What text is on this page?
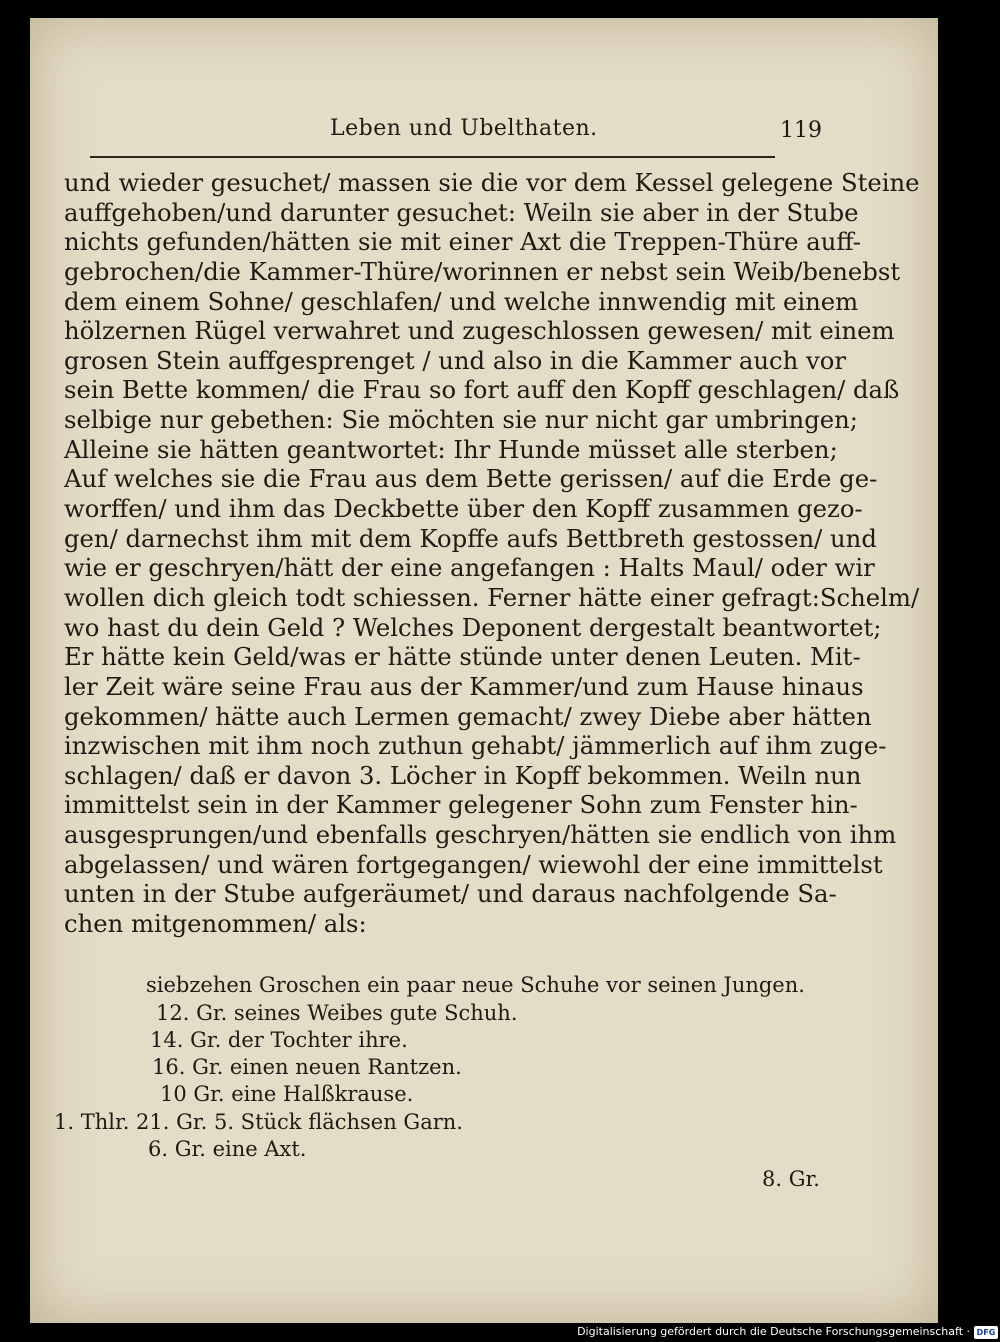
Leben und Ubelthaten.	119
und wieder gesuchet/ massen sie die vor dem Kessel gelegene Steine
auffgehoben/und darunter gesuchet: Weiln sie aber in der Stube
nichts gefunden/hätten sie mit einer Axt die Treppen-Thüre auff-
gebrochen/die Kammer-Thüre/worinnen er nebst sein Weib/benebst
dem einem Sohne/ geschlafen/ und welche innwendig mit einem
hölzernen Rügel verwahret und zugeschlossen gewesen/ mit einem
grosen Stein auffgesprenget / und also in die Kammer auch vor
sein Bette kommen/ die Frau so fort auff den Kopff geschlagen/ daß
selbige nur gebethen: Sie möchten sie nur nicht gar umbringen;
Alleine sie hätten geantwortet: Ihr Hunde müsset alle sterben;
Auf welches sie die Frau aus dem Bette gerissen/ auf die Erde ge-
worffen/ und ihm das Deckbette über den Kopff zusammen gezo-
gen/ darnechst ihm mit dem Kopffe aufs Bettbreth gestossen/ und
wie er geschryen/hätt der eine angefangen : Halts Maul/ oder wir
wollen dich gleich todt schiessen. Ferner hätte einer gefragt:Schelm/
wo hast du dein Geld ? Welches Deponent dergestalt beantwortet;
Er hätte kein Geld/was er hätte stünde unter denen Leuten. Mit-
ler Zeit wäre seine Frau aus der Kammer/und zum Hause hinaus
gekommen/ hätte auch Lermen gemacht/ zwey Diebe aber hätten
inzwischen mit ihm noch zuthun gehabt/ jämmerlich auf ihm zuge-
schlagen/ daß er davon 3. Löcher in Kopff bekommen. Weiln nun
immittelst sein in der Kammer gelegener Sohn zum Fenster hin-
ausgesprungen/und ebenfalls geschryen/hätten sie endlich von ihm
abgelassen/ und wären fortgegangen/ wiewohl der eine immittelst
unten in der Stube aufgeräumet/ und daraus nachfolgende Sa-
chen mitgenommen/ als:
siebzehen Groschen ein paar neue Schuhe vor seinen Jungen.
12. Gr. seines Weibes gute Schuh.
14. Gr. der Tochter ihre.
16. Gr. einen neuen Rantzen.
10 Gr. eine Halßkrause.
1. Thlr. 21. Gr. 5. Stück flächsen Garn.
6. Gr. eine Axt.
8. Gr.
Digitalisierung gefördert durch die Deutsche Forschungsgemeinschaft · DFG
